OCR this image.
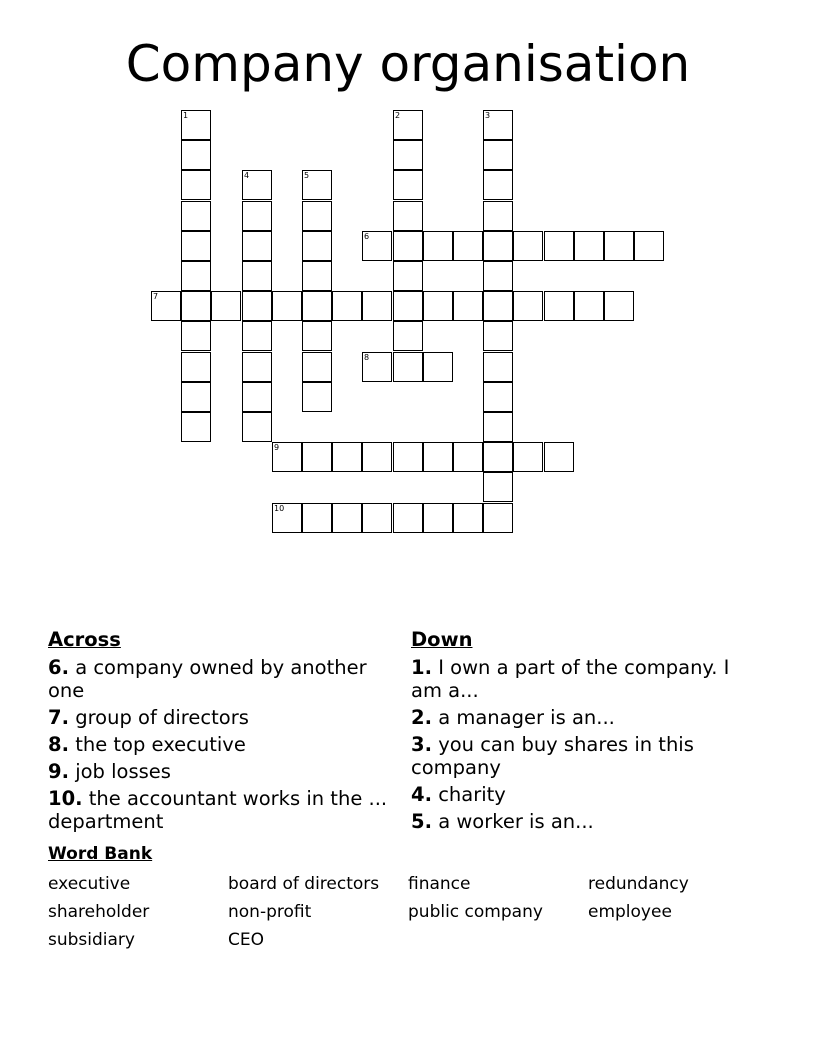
Company organisation
1	2	3
4	5
6
7
8
9
10
Across
6. a company owned by another one
7. group of directors
8. the top executive
9. job losses
10. the accountant works in the ... department
Down
1. I own a part of the company. I am a...
2. a manager is an...
3. you can buy shares in this company
4. charity
5. a worker is an...
Word Bank
executive	board of directors	finance	redundancy
shareholder	non-profit	public company	employee
subsidiary	CEO
